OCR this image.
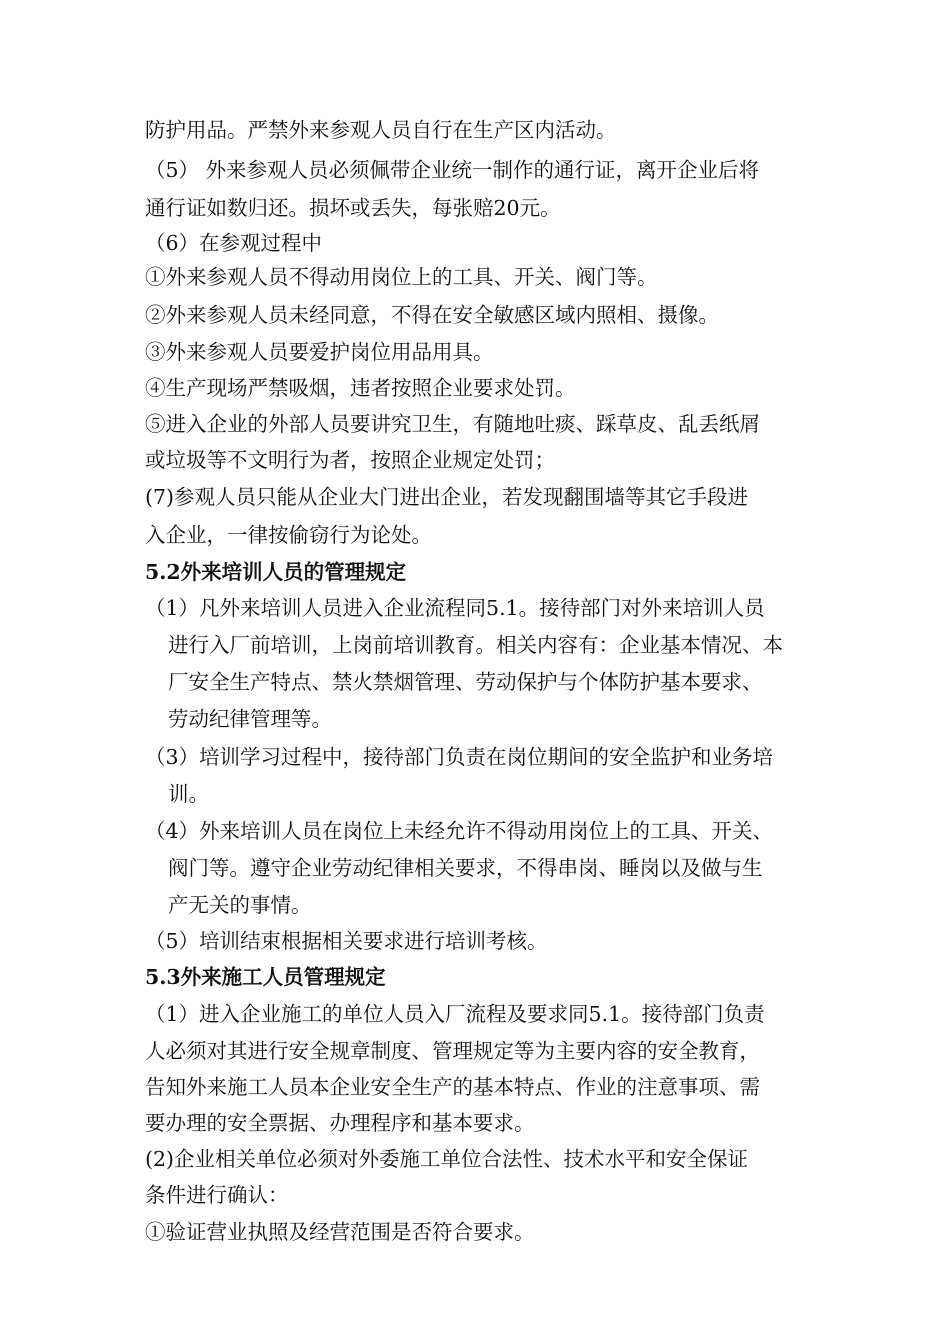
防护用品。严禁外来参观人员自行在生产区内活动。
（5） 外来参观人员必须佩带企业统一制作的通行证，离开企业后将
通行证如数归还。损坏或丢失，每张赔20元。
（6）在参观过程中
①外来参观人员不得动用岗位上的工具、开关、阀门等。
②外来参观人员未经同意，不得在安全敏感区域内照相、摄像。
③外来参观人员要爱护岗位用品用具。
④生产现场严禁吸烟，违者按照企业要求处罚。
⑤进入企业的外部人员要讲究卫生，有随地吐痰、踩草皮、乱丢纸屑
或垃圾等不文明行为者，按照企业规定处罚；
(7)参观人员只能从企业大门进出企业，若发现翻围墙等其它手段进
入企业，一律按偷窃行为论处。
5.2外来培训人员的管理规定
（1）凡外来培训人员进入企业流程同5.1。接待部门对外来培训人员
进行入厂前培训，上岗前培训教育。相关内容有：企业基本情况、本
厂安全生产特点、禁火禁烟管理、劳动保护与个体防护基本要求、
劳动纪律管理等。
（3）培训学习过程中，接待部门负责在岗位期间的安全监护和业务培
训。
（4）外来培训人员在岗位上未经允许不得动用岗位上的工具、开关、
阀门等。遵守企业劳动纪律相关要求，不得串岗、睡岗以及做与生
产无关的事情。
（5）培训结束根据相关要求进行培训考核。
5.3外来施工人员管理规定
（1）进入企业施工的单位人员入厂流程及要求同5.1。接待部门负责
人必须对其进行安全规章制度、管理规定等为主要内容的安全教育，
告知外来施工人员本企业安全生产的基本特点、作业的注意事项、需
要办理的安全票据、办理程序和基本要求。
(2)企业相关单位必须对外委施工单位合法性、技术水平和安全保证
条件进行确认：
①验证营业执照及经营范围是否符合要求。
